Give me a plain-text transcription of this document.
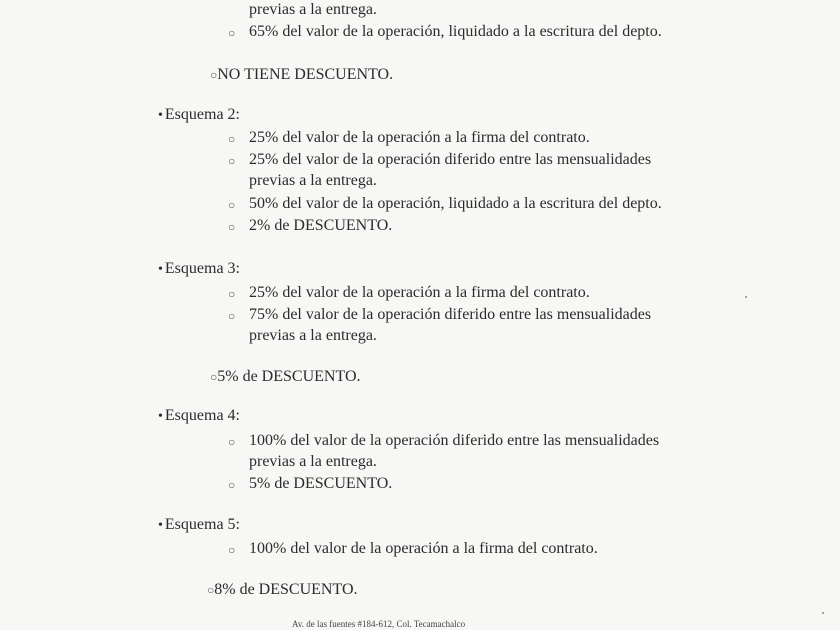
previas a la entrega.
○ 65% del valor de la operación, liquidado a la escritura del depto.
○NO TIENE DESCUENTO.
• Esquema 2:
○ 25% del valor de la operación a la firma del contrato.
○ 25% del valor de la operación diferido entre las mensualidades
previas a la entrega.
○ 50% del valor de la operación, liquidado a la escritura del depto.
○ 2% de DESCUENTO.
• Esquema 3:
○ 25% del valor de la operación a la firma del contrato.
○ 75% del valor de la operación diferido entre las mensualidades
previas a la entrega.
○5% de DESCUENTO.
• Esquema 4:
○ 100% del valor de la operación diferido entre las mensualidades
previas a la entrega.
○ 5% de DESCUENTO.
• Esquema 5:
○ 100% del valor de la operación a la firma del contrato.
○8% de DESCUENTO.
Av. de las fuentes #184-612, Col. Tecamachalco
